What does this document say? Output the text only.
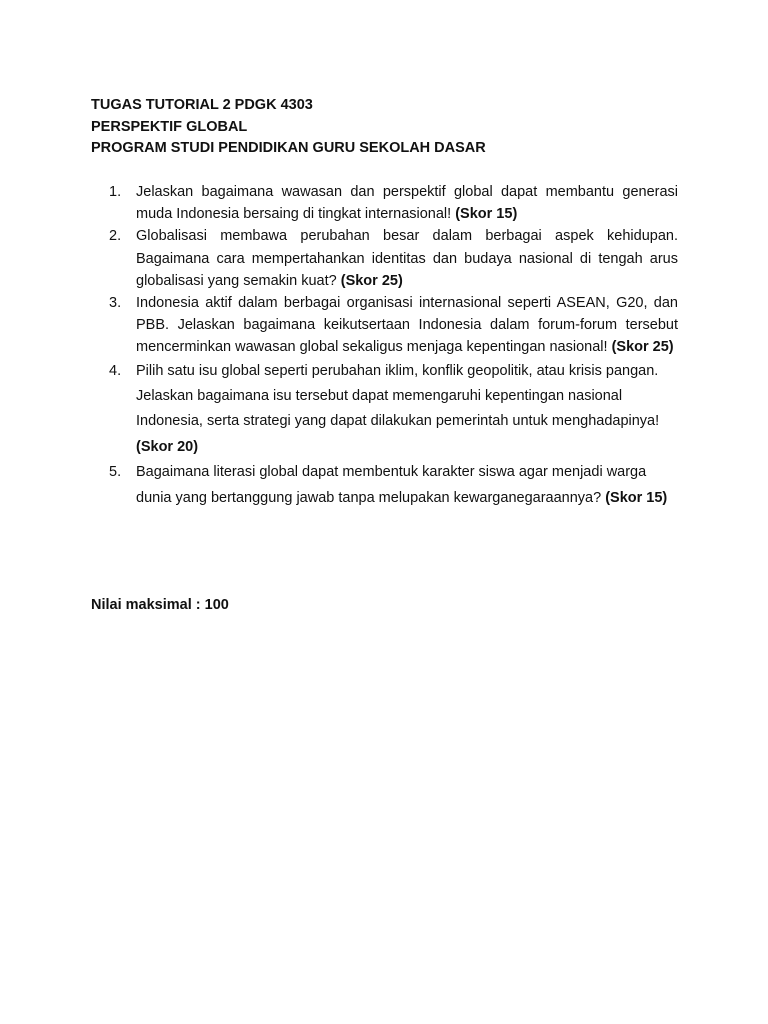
TUGAS TUTORIAL 2 PDGK 4303
PERSPEKTIF GLOBAL
PROGRAM STUDI PENDIDIKAN GURU SEKOLAH DASAR
1. Jelaskan bagaimana wawasan dan perspektif global dapat membantu generasi muda Indonesia bersaing di tingkat internasional! (Skor 15)
2. Globalisasi membawa perubahan besar dalam berbagai aspek kehidupan. Bagaimana cara mempertahankan identitas dan budaya nasional di tengah arus globalisasi yang semakin kuat? (Skor 25)
3. Indonesia aktif dalam berbagai organisasi internasional seperti ASEAN, G20, dan PBB. Jelaskan bagaimana keikutsertaan Indonesia dalam forum-forum tersebut mencerminkan wawasan global sekaligus menjaga kepentingan nasional! (Skor 25)
4. Pilih satu isu global seperti perubahan iklim, konflik geopolitik, atau krisis pangan. Jelaskan bagaimana isu tersebut dapat memengaruhi kepentingan nasional Indonesia, serta strategi yang dapat dilakukan pemerintah untuk menghadapinya! (Skor 20)
5. Bagaimana literasi global dapat membentuk karakter siswa agar menjadi warga dunia yang bertanggung jawab tanpa melupakan kewarganegaraannya? (Skor 15)
Nilai maksimal : 100
